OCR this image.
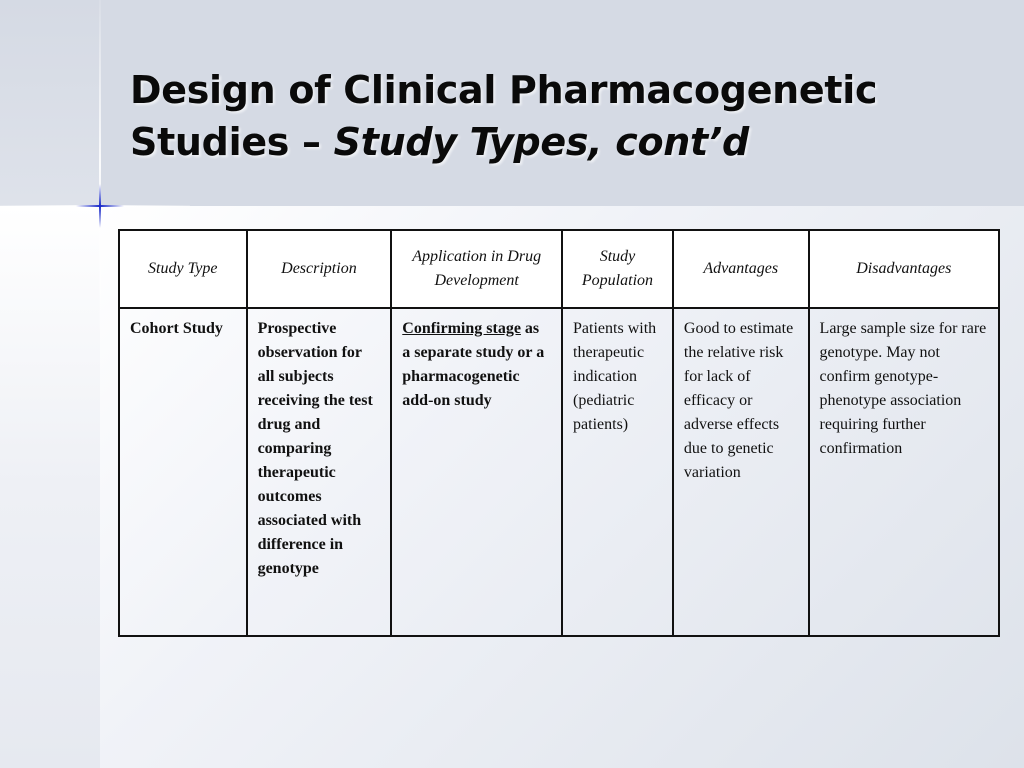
Design of Clinical Pharmacogenetic
Studies – Study Types, cont’d
Study Type	Description	Application in Drug Development	Study Population	Advantages	Disadvantages
Cohort Study	Prospective observation for all subjects receiving the test drug and comparing therapeutic outcomes associated with difference in genotype	Confirming stage as a separate study or a pharmacogenetic add-on study	Patients with therapeutic indication (pediatric patients)	Good to estimate the relative risk for lack of efficacy or adverse effects due to genetic variation	Large sample size for rare genotype. May not confirm genotype-phenotype association requiring further confirmation
